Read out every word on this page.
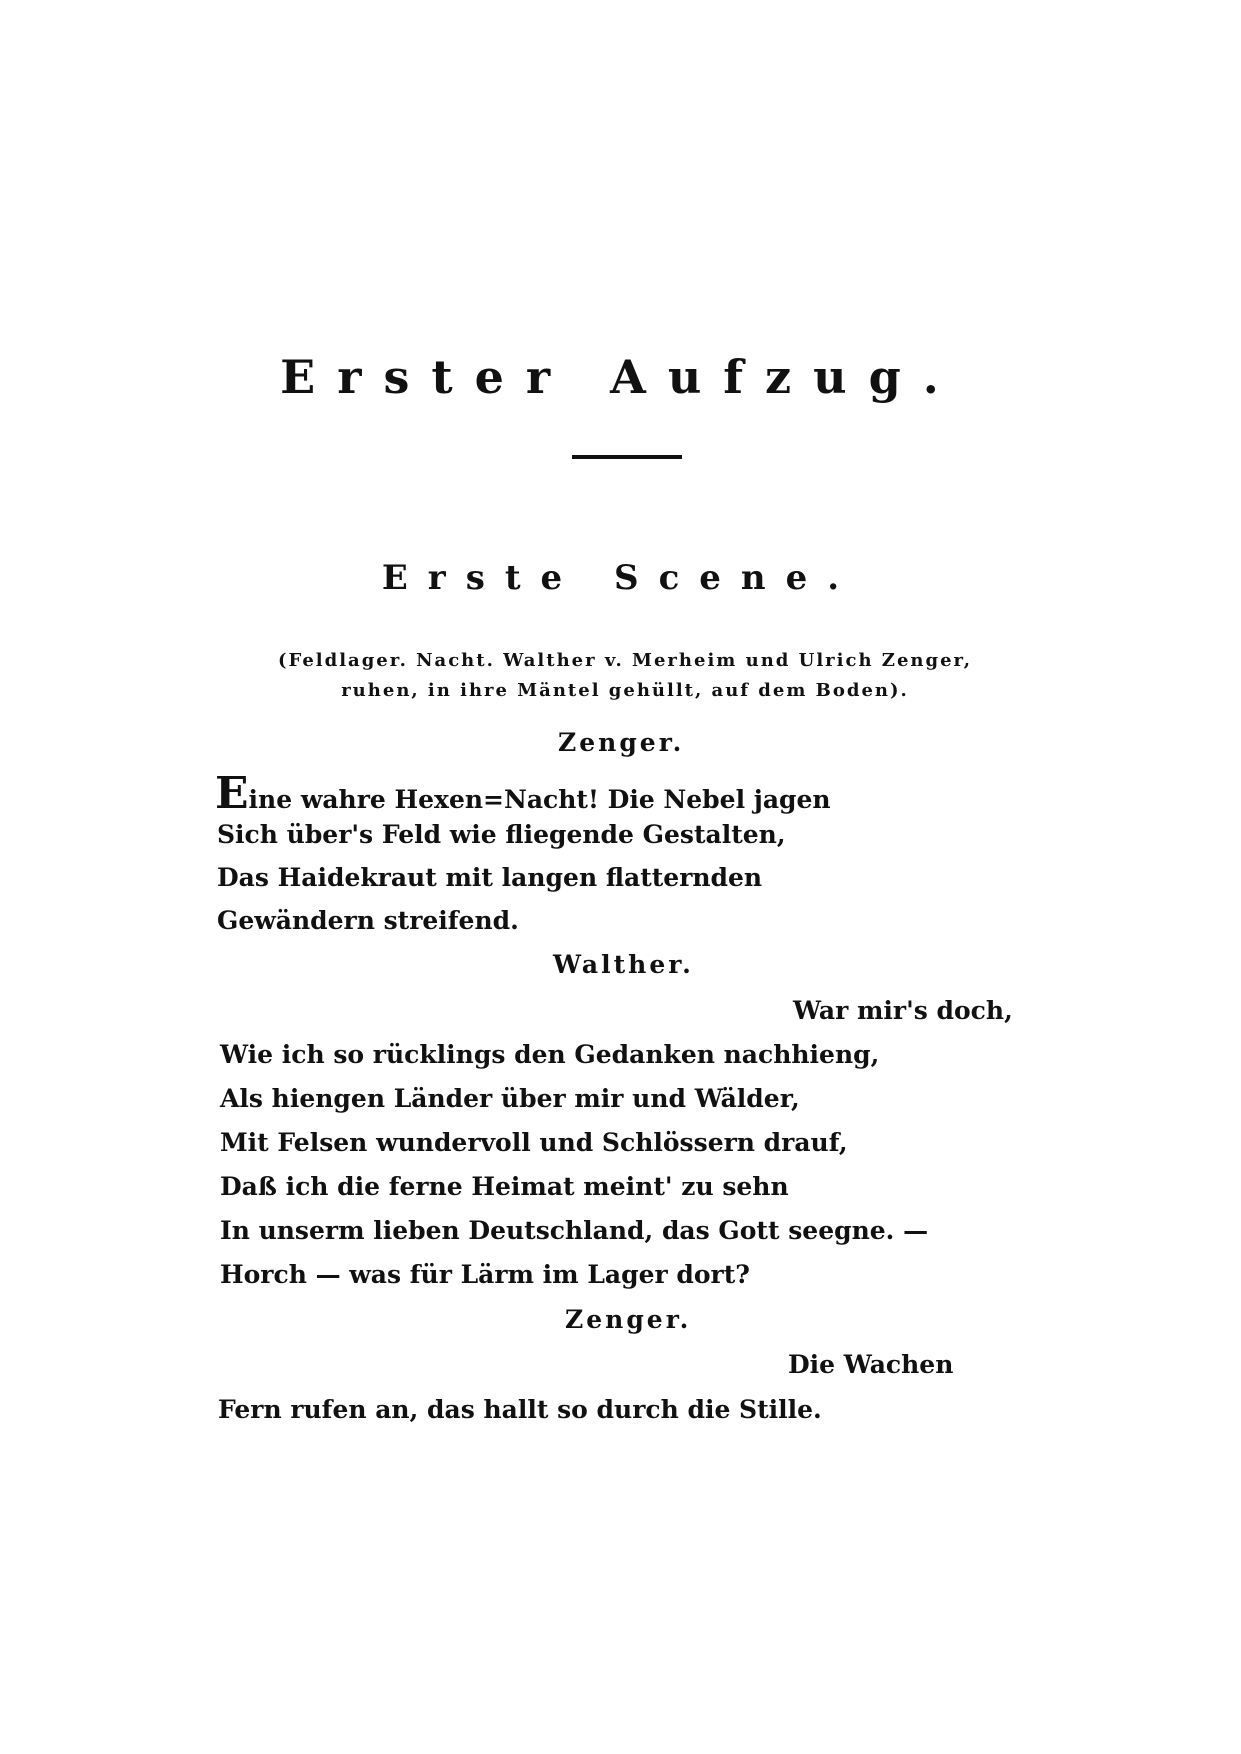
Erster Aufzug.
Erste Scene.
(Feldlager. Nacht. Walther v. Merheim und Ulrich Zenger,
ruhen, in ihre Mäntel gehüllt, auf dem Boden).
Zenger.
Eine wahre Hexen=Nacht! Die Nebel jagen
Sich über's Feld wie fliegende Gestalten,
Das Haidekraut mit langen flatternden
Gewändern streifend.
Walther.
War mir's doch,
Wie ich so rücklings den Gedanken nachhieng,
Als hiengen Länder über mir und Wälder,
Mit Felsen wundervoll und Schlössern drauf,
Daß ich die ferne Heimat meint' zu sehn
In unserm lieben Deutschland, das Gott seegne. —
Horch — was für Lärm im Lager dort?
Zenger.
Die Wachen
Fern rufen an, das hallt so durch die Stille.
